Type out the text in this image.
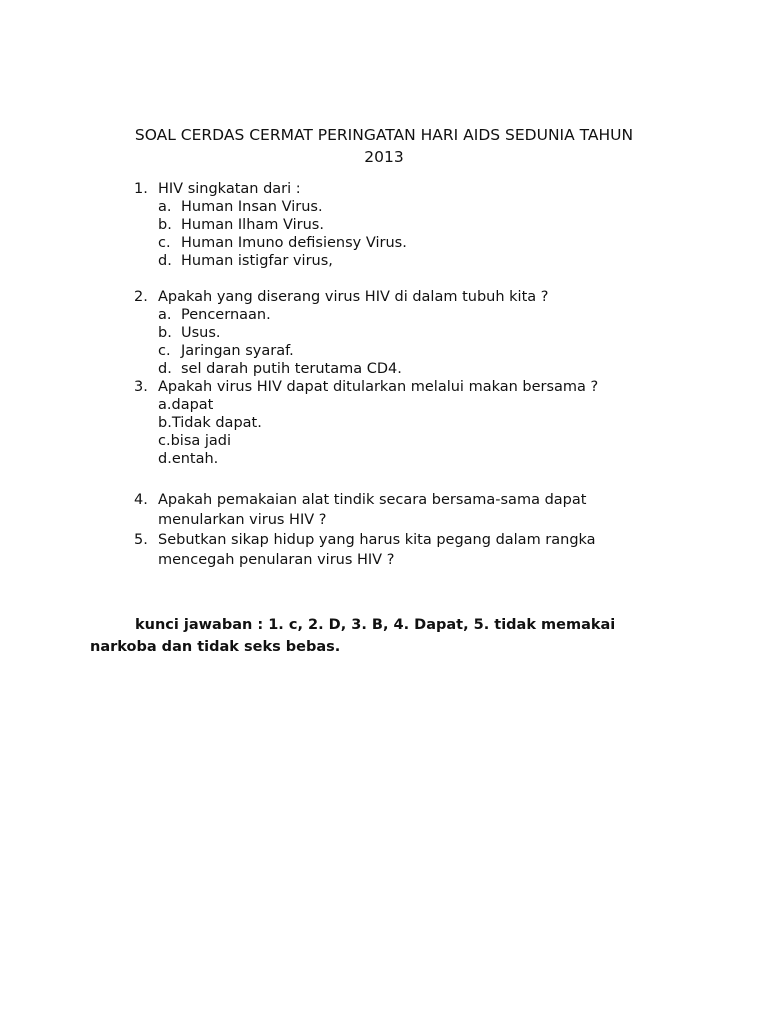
SOAL CERDAS CERMAT PERINGATAN HARI AIDS SEDUNIA TAHUN
2013
1. HIV singkatan dari :
a. Human Insan Virus.
b. Human Ilham Virus.
c. Human Imuno defisiensy Virus.
d. Human istigfar virus,
2. Apakah yang diserang virus HIV di dalam tubuh kita ?
a. Pencernaan.
b. Usus.
c. Jaringan syaraf.
d. sel darah putih terutama CD4.
3. Apakah virus HIV dapat ditularkan melalui makan bersama ?
a.dapat
b.Tidak dapat.
c.bisa jadi
d.entah.
4. Apakah pemakaian alat tindik secara bersama-sama dapat
menularkan virus HIV ?
5. Sebutkan sikap hidup yang harus kita pegang dalam rangka
mencegah penularan virus HIV ?
kunci jawaban : 1. c, 2. D, 3. B, 4. Dapat, 5. tidak memakai narkoba dan tidak seks bebas.
